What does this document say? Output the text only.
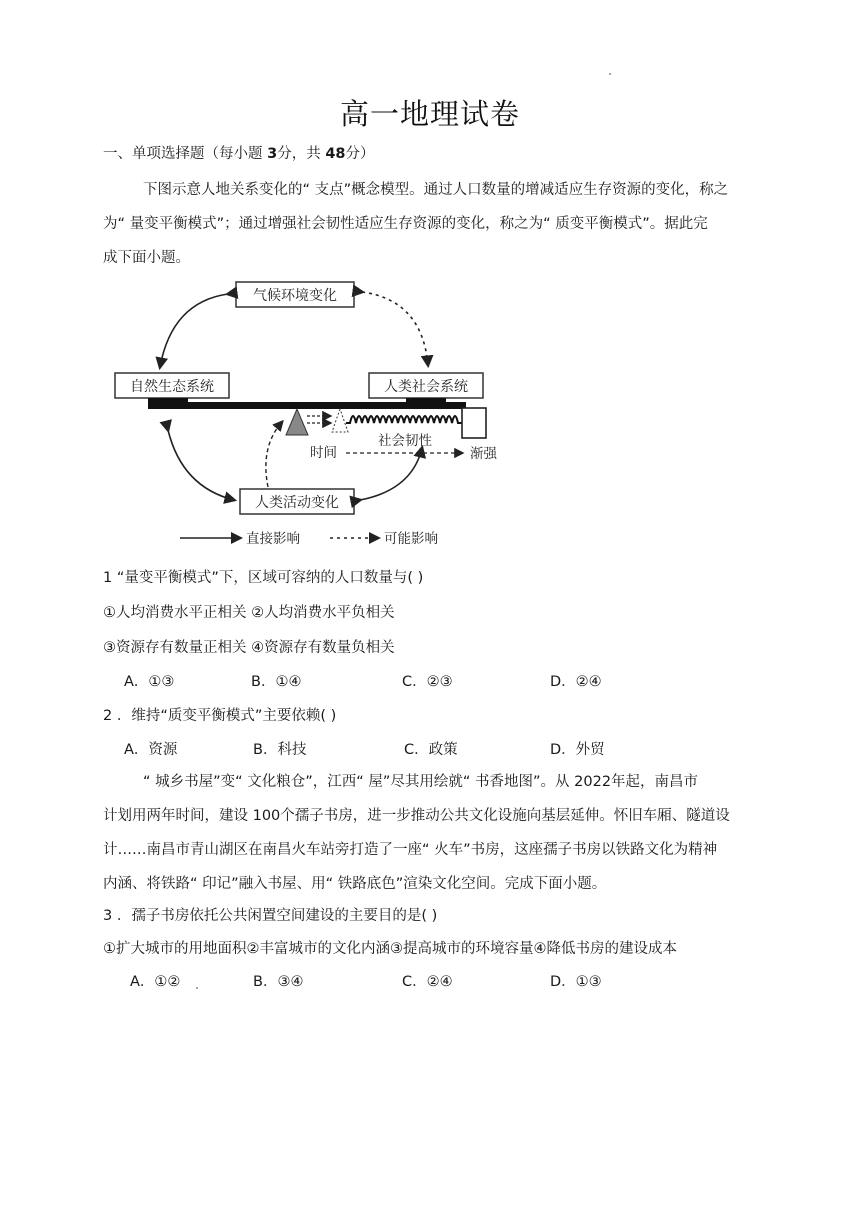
高一地理试卷
一、单项选择题（每小题 3分，共 48分）
下图示意人地关系变化的“ 支点”概念模型。通过人口数量的增减适应生存资源的变化，称之
为“ 量变平衡模式”；通过增强社会韧性适应生存资源的变化，称之为“ 质变平衡模式”。据此完
成下面小题。
气候环境变化
自然生态系统	人类社会系统
人类活动变化
社会韧性
时间	渐强
直接影响	可能影响
1 “量变平衡模式”下，区域可容纳的人口数量与( )
①人均消费水平正相关 ②人均消费水平负相关
③资源存有数量正相关 ④资源存有数量负相关
A．①③	B．①④	C．②③	D．②④
2 ．维持“质变平衡模式”主要依赖( )
A．资源	B．科技	C．政策	D．外贸
“ 城乡书屋”变“ 文化粮仓”，江西“ 屋”尽其用绘就“ 书香地图”。从 2022年起，南昌市
计划用两年时间，建设 100个孺子书房，进一步推动公共文化设施向基层延伸。怀旧车厢、隧道设
计……南昌市青山湖区在南昌火车站旁打造了一座“ 火车”书房，这座孺子书房以铁路文化为精神
内涵、将铁路“ 印记”融入书屋、用“ 铁路底色”渲染文化空间。完成下面小题。
3 ．孺子书房依托公共闲置空间建设的主要目的是( )
①扩大城市的用地面积②丰富城市的文化内涵③提高城市的环境容量④降低书房的建设成本
A．①②	B．③④	C．②④	D．①③
